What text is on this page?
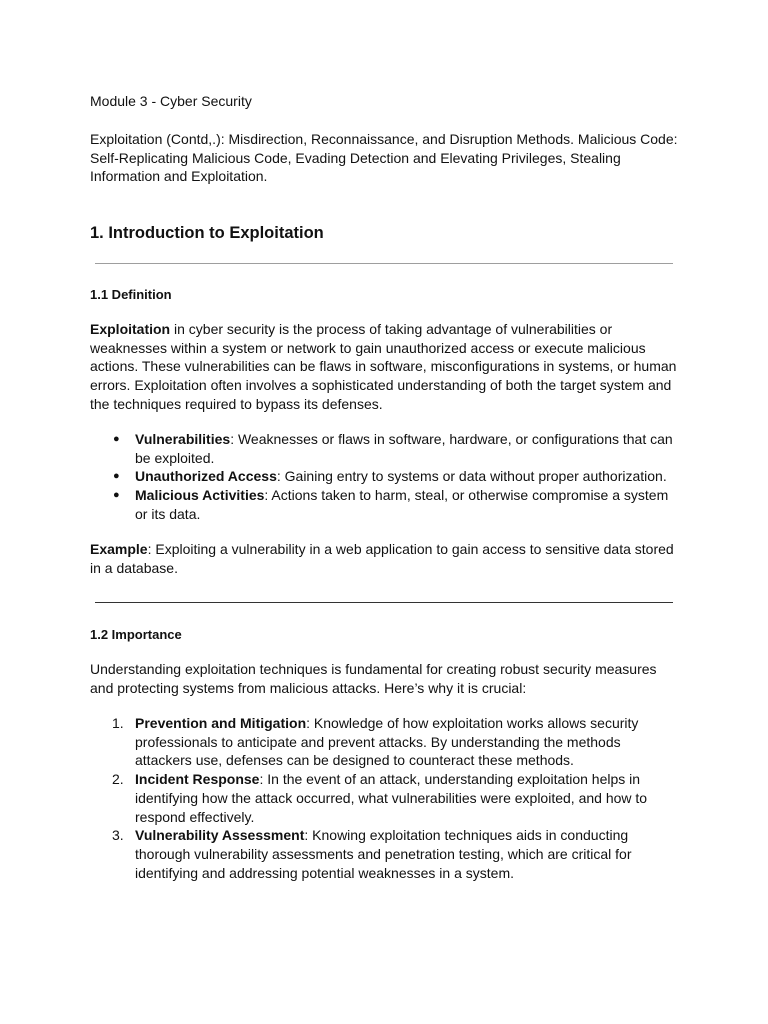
Module 3 - Cyber Security

Exploitation (Contd,.): Misdirection, Reconnaissance, and Disruption Methods. Malicious Code: Self-Replicating Malicious Code, Evading Detection and Elevating Privileges, Stealing Information and Exploitation.

1. Introduction to Exploitation
1.1 Definition

Exploitation in cyber security is the process of taking advantage of vulnerabilities or weaknesses within a system or network to gain unauthorized access or execute malicious actions. These vulnerabilities can be flaws in software, misconfigurations in systems, or human errors. Exploitation often involves a sophisticated understanding of both the target system and the techniques required to bypass its defenses.

● Vulnerabilities: Weaknesses or flaws in software, hardware, or configurations that can be exploited.
● Unauthorized Access: Gaining entry to systems or data without proper authorization.
● Malicious Activities: Actions taken to harm, steal, or otherwise compromise a system or its data.

Example: Exploiting a vulnerability in a web application to gain access to sensitive data stored in a database.

1.2 Importance

Understanding exploitation techniques is fundamental for creating robust security measures and protecting systems from malicious attacks. Here’s why it is crucial:

1. Prevention and Mitigation: Knowledge of how exploitation works allows security professionals to anticipate and prevent attacks. By understanding the methods attackers use, defenses can be designed to counteract these methods.
2. Incident Response: In the event of an attack, understanding exploitation helps in identifying how the attack occurred, what vulnerabilities were exploited, and how to respond effectively.
3. Vulnerability Assessment: Knowing exploitation techniques aids in conducting thorough vulnerability assessments and penetration testing, which are critical for identifying and addressing potential weaknesses in a system.
